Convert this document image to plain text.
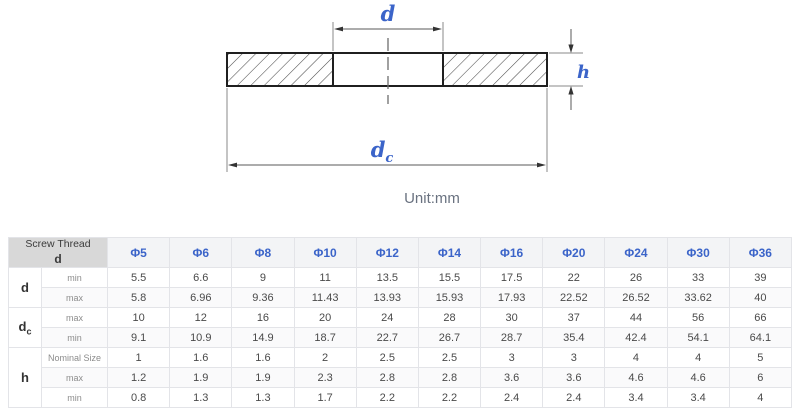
d
h
$d_c$
Unit:mm
Screw Thread
d		Φ5	Φ6	Φ8	Φ10	Φ12	Φ14	Φ16	Φ20	Φ24	Φ30	Φ36
d	min	5.5	6.6	9	11	13.5	15.5	17.5	22	26	33	39
	max	5.8	6.96	9.36	11.43	13.93	15.93	17.93	22.52	26.52	33.62	40
$d_c$	max	10	12	16	20	24	28	30	37	44	56	66
	min	9.1	10.9	14.9	18.7	22.7	26.7	28.7	35.4	42.4	54.1	64.1
h	Nominal Size	1	1.6	1.6	2	2.5	2.5	3	3	4	4	5
	max	1.2	1.9	1.9	2.3	2.8	2.8	3.6	3.6	4.6	4.6	6
	min	0.8	1.3	1.3	1.7	2.2	2.2	2.4	2.4	3.4	3.4	4
